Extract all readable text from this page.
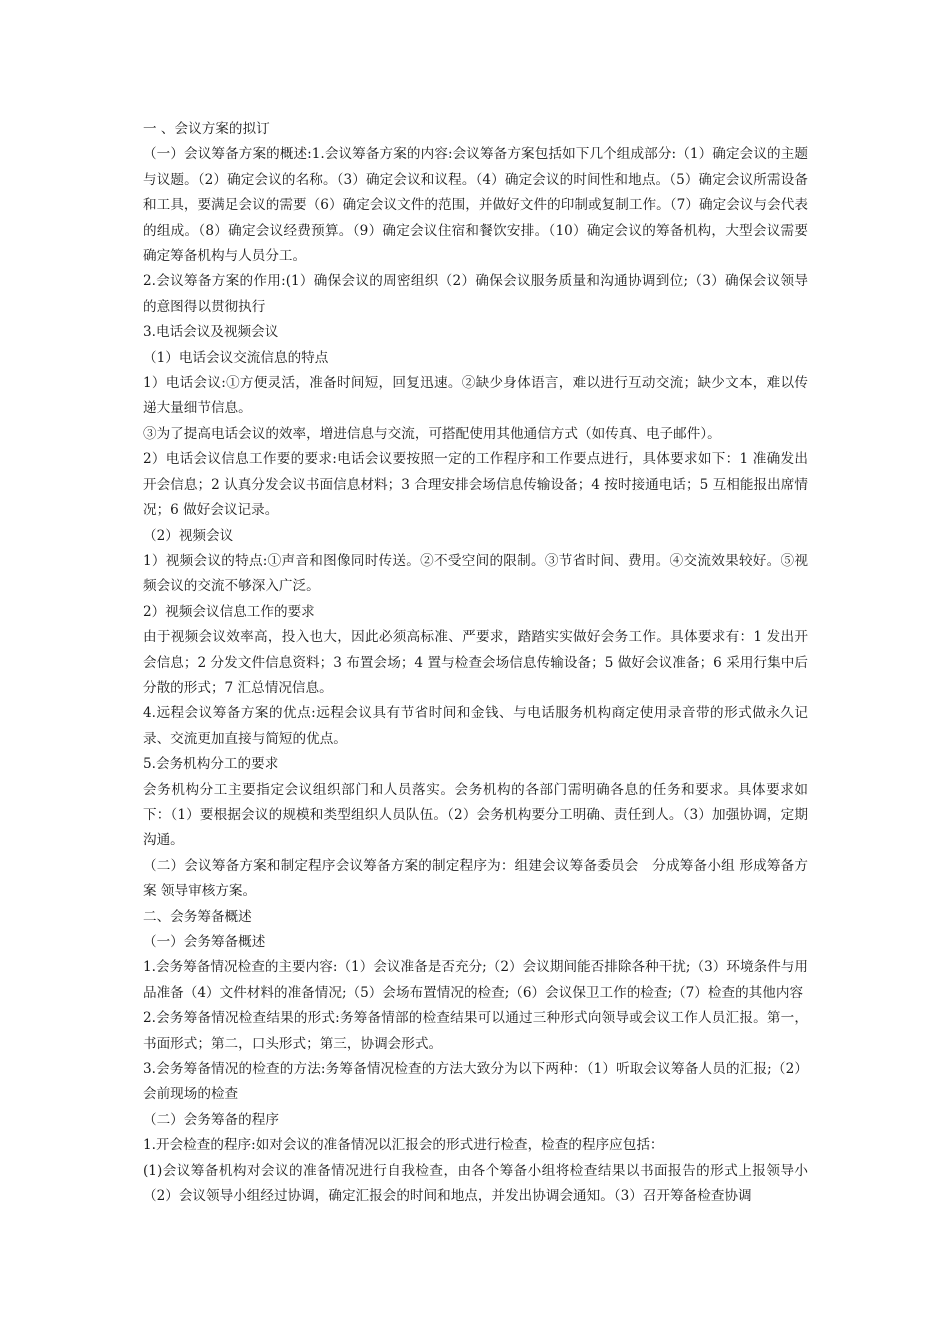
一 、会议方案的拟订

（一）会议筹备方案的概述:1.会议筹备方案的内容:会议筹备方案包括如下几个组成部分:（1）确定会议的主题与议题。（2）确定会议的名称。（3）确定会议和议程。（4）确定会议的时间性和地点。（5）确定会议所需设备和工具，要满足会议的需要（6）确定会议文件的范围，并做好文件的印制或复制工作。（7）确定会议与会代表的组成。（8）确定会议经费预算。（9）确定会议住宿和餐饮安排。（10）确定会议的筹备机构，大型会议需要确定筹备机构与人员分工。

2.会议筹备方案的作用:(1）确保会议的周密组织（2）确保会议服务质量和沟通协调到位;（3）确保会议领导的意图得以贯彻执行

3.电话会议及视频会议

（1）电话会议交流信息的特点

1）电话会议:①方便灵活，准备时间短，回复迅速。②缺少身体语言，难以进行互动交流；缺少文本，难以传递大量细节信息。

③为了提高电话会议的效率，增进信息与交流，可搭配使用其他通信方式（如传真、电子邮件）。

2）电话会议信息工作要的要求:电话会议要按照一定的工作程序和工作要点进行，具体要求如下：1 准确发出开会信息；2 认真分发会议书面信息材料；3 合理安排会场信息传输设备；4 按时接通电话；5 互相能报出席情况；6 做好会议记录。

（2）视频会议

1）视频会议的特点:①声音和图像同时传送。②不受空间的限制。③节省时间、费用。④交流效果较好。⑤视频会议的交流不够深入广泛。

2）视频会议信息工作的要求

由于视频会议效率高，投入也大，因此必须高标准、严要求，踏踏实实做好会务工作。具体要求有：1 发出开会信息；2 分发文件信息资料；3 布置会场；4 置与检查会场信息传输设备；5 做好会议准备；6 采用行集中后分散的形式；7 汇总情况信息。

4.远程会议筹备方案的优点:远程会议具有节省时间和金钱、与电话服务机构商定使用录音带的形式做永久记录、交流更加直接与简短的优点。

5.会务机构分工的要求

会务机构分工主要指定会议组织部门和人员落实。会务机构的各部门需明确各息的任务和要求。具体要求如下：（1）要根据会议的规模和类型组织人员队伍。（2）会务机构要分工明确、责任到人。（3）加强协调，定期沟通。

（二）会议筹备方案和制定程序会议筹备方案的制定程序为：组建会议筹备委员会　分成筹备小组 形成筹备方案 领导审核方案。

二、会务筹备概述

（一）会务筹备概述

1.会务筹备情况检查的主要内容:（1）会议准备是否充分;（2）会议期间能否排除各种干扰;（3）环境条件与用品准备（4）文件材料的准备情况;（5）会场布置情况的检查;（6）会议保卫工作的检查;（7）检查的其他内容

2.会务筹备情况检查结果的形式:务筹备情部的检查结果可以通过三种形式向领导或会议工作人员汇报。第一，书面形式；第二，口头形式；第三，协调会形式。

3.会务筹备情况的检查的方法:务筹备情况检查的方法大致分为以下两种：（1）听取会议筹备人员的汇报;（2）会前现场的检查

（二）会务筹备的程序

1.开会检查的程序:如对会议的准备情况以汇报会的形式进行检查，检查的程序应包括：

(1)会议筹备机构对会议的准备情况进行自我检查，由各个筹备小组将检查结果以书面报告的形式上报领导小（2）会议领导小组经过协调，确定汇报会的时间和地点，并发出协调会通知。（3）召开筹备检查协调
